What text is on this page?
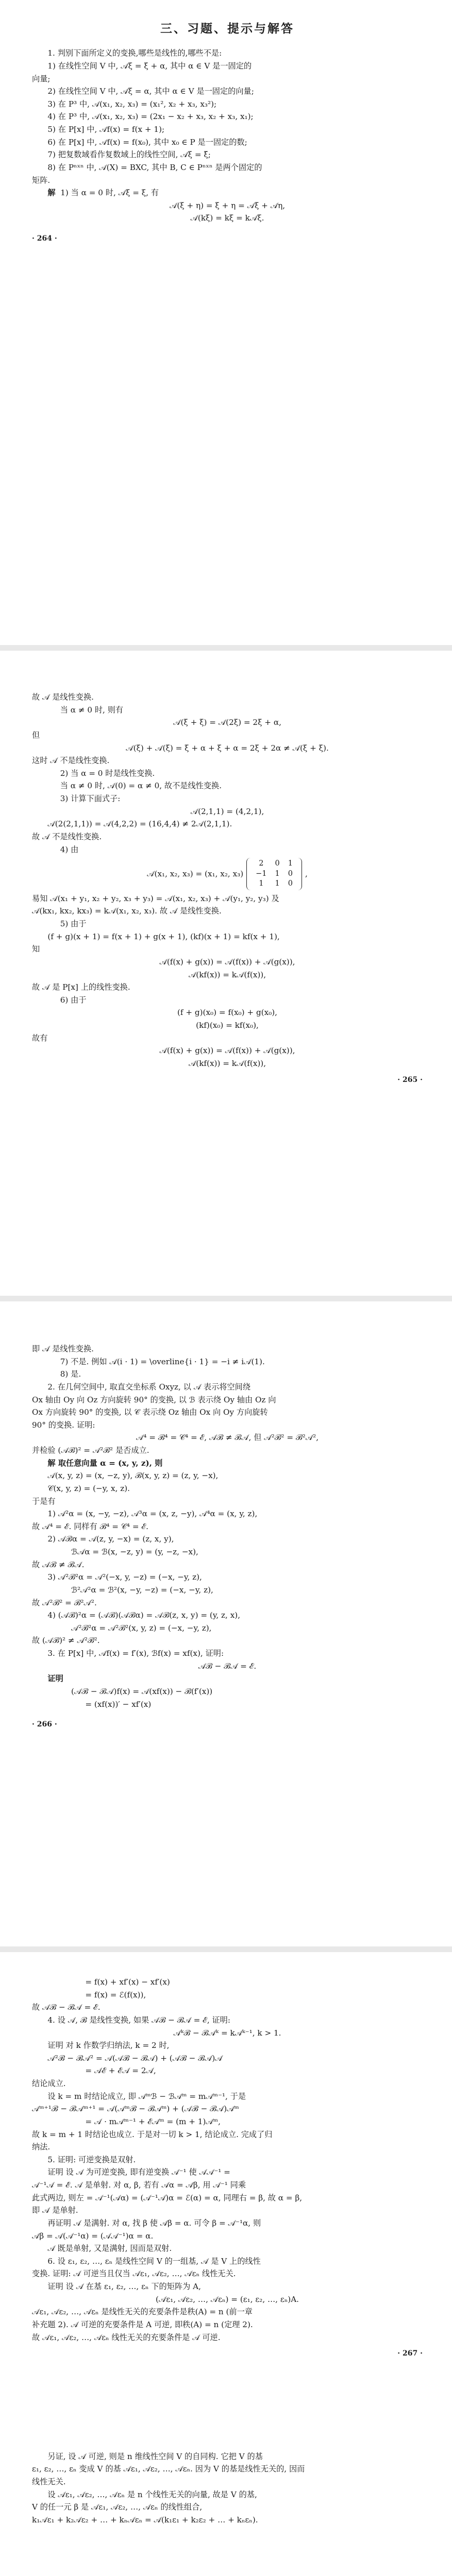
三、习题、提示与解答

1. 判别下面所定义的变换,哪些是线性的,哪些不是:

1) 在线性空间 V 中, 𝒜ξ = ξ + α, 其中 α ∈ V 是一固定的

向量;

2) 在线性空间 V 中, 𝒜ξ = α, 其中 α ∈ V 是一固定的向量;

3) 在 P³ 中, 𝒜(x₁, x₂, x₃) = (x₁², x₂ + x₃, x₃²);

4) 在 P³ 中, 𝒜(x₁, x₂, x₃) = (2x₁ − x₂ + x₃, x₂ + x₃, x₁);

5) 在 P[x] 中, 𝒜f(x) = f(x + 1);

6) 在 P[x] 中, 𝒜f(x) = f(x₀), 其中 x₀ ∈ P 是一固定的数;

7) 把复数域看作复数域上的线性空间, 𝒜ξ = ξ̄;

8) 在 Pⁿˣⁿ 中, 𝒜(X) = BXC, 其中 B, C ∈ Pⁿˣⁿ 是两个固定的

矩阵.

解 1) 当 α = 0 时, 𝒜ξ = ξ, 有

𝒜(ξ + η) = ξ + η = 𝒜ξ + 𝒜η,

𝒜(kξ) = kξ = k𝒜ξ.

· 264 ·

故 𝒜 是线性变换.

当 α ≠ 0 时, 则有

𝒜(ξ + ξ) = 𝒜(2ξ) = 2ξ + α,

但

𝒜(ξ) + 𝒜(ξ) = ξ + α + ξ + α = 2ξ + 2α ≠ 𝒜(ξ + ξ).

这时 𝒜 不是线性变换.

2) 当 α = 0 时是线性变换.

当 α ≠ 0 时, 𝒜(0) = α ≠ 0, 故不是线性变换.

3) 计算下面式子:

𝒜(2,1,1) = (4,2,1),

𝒜(2(2,1,1)) = 𝒜(4,2,2) = (16,4,4) ≠ 2𝒜(2,1,1).

故 𝒜 不是线性变换.

4) 由

𝒜(x₁, x₂, x₃) = (x₁, x₂, x₃)
2	0	1
−1	1	0
1	1	0
,

易知 𝒜(x₁ + y₁, x₂ + y₂, x₃ + y₃) = 𝒜(x₁, x₂, x₃) + 𝒜(y₁, y₂, y₃) 及

𝒜(kx₁, kx₂, kx₃) = k𝒜(x₁, x₂, x₃). 故 𝒜 是线性变换.

5) 由于

(f + g)(x + 1) = f(x + 1) + g(x + 1), (kf)(x + 1) = kf(x + 1),

知

𝒜(f(x) + g(x)) = 𝒜(f(x)) + 𝒜(g(x)),

𝒜(kf(x)) = k𝒜(f(x)),

故 𝒜 是 P[x] 上的线性变换.

6) 由于

(f + g)(x₀) = f(x₀) + g(x₀),

(kf)(x₀) = kf(x₀),

故有

𝒜(f(x) + g(x)) = 𝒜(f(x)) + 𝒜(g(x)),

𝒜(kf(x)) = k𝒜(f(x)),

· 265 ·

即 𝒜 是线性变换.

7) 不是. 例如 𝒜(i · 1) = \overline{i · 1} = −i ≠ i𝒜(1).

8) 是.

2. 在几何空间中, 取直交坐标系 Oxyz, 以 𝒜 表示将空间绕

Ox 轴由 Oy 向 Oz 方向旋转 90° 的变换, 以 ℬ 表示绕 Oy 轴由 Oz 向

Ox 方向旋转 90° 的变换, 以 𝒞 表示绕 Oz 轴由 Ox 向 Oy 方向旋转

90° 的变换. 证明:

𝒜⁴ = ℬ⁴ = 𝒞⁴ = ℰ, 𝒜ℬ ≠ ℬ𝒜, 但 𝒜²ℬ² = ℬ²𝒜²,

并检验 (𝒜ℬ)² = 𝒜²ℬ² 是否成立.

解 取任意向量 α = (x, y, z), 则

𝒜(x, y, z) = (x, −z, y), ℬ(x, y, z) = (z, y, −x),

𝒞(x, y, z) = (−y, x, z).

于是有

1) 𝒜²α = (x, −y, −z), 𝒜³α = (x, z, −y), 𝒜⁴α = (x, y, z),

故 𝒜⁴ = ℰ. 同样有 ℬ⁴ = 𝒞⁴ = ℰ.

2) 𝒜ℬα = 𝒜(z, y, −x) = (z, x, y),

ℬ𝒜α = ℬ(x, −z, y) = (y, −z, −x),

故 𝒜ℬ ≠ ℬ𝒜.

3) 𝒜²ℬ²α = 𝒜²(−x, y, −z) = (−x, −y, z),

ℬ²𝒜²α = ℬ²(x, −y, −z) = (−x, −y, z),

故 𝒜²ℬ² = ℬ²𝒜².

4) (𝒜ℬ)²α = (𝒜ℬ)(𝒜ℬα) = 𝒜ℬ(z, x, y) = (y, z, x),

𝒜²ℬ²α = 𝒜²ℬ²(x, y, z) = (−x, −y, z),

故 (𝒜ℬ)² ≠ 𝒜²ℬ².

3. 在 P[x] 中, 𝒜f(x) = f′(x), ℬf(x) = xf(x), 证明:

𝒜ℬ − ℬ𝒜 = ℰ.

证明

(𝒜ℬ − ℬ𝒜)f(x) = 𝒜(xf(x)) − ℬ(f′(x))

= (xf(x))′ − xf′(x)

· 266 ·

= f(x) + xf′(x) − xf′(x)

= f(x) = ℰ(f(x)),

故 𝒜ℬ − ℬ𝒜 = ℰ.

4. 设 𝒜, ℬ 是线性变换, 如果 𝒜ℬ − ℬ𝒜 = ℰ, 证明:

𝒜ᵏℬ − ℬ𝒜ᵏ = k𝒜ᵏ⁻¹, k > 1.

证明 对 k 作数学归纳法, k = 2 时,

𝒜²ℬ − ℬ𝒜² = 𝒜(𝒜ℬ − ℬ𝒜) + (𝒜ℬ − ℬ𝒜)𝒜

= 𝒜ℰ + ℰ𝒜 = 2𝒜,

结论成立.

设 k = m 时结论成立, 即 𝒜ᵐℬ − ℬ𝒜ᵐ = m𝒜ᵐ⁻¹, 于是

𝒜ᵐ⁺¹ℬ − ℬ𝒜ᵐ⁺¹ = 𝒜(𝒜ᵐℬ − ℬ𝒜ᵐ) + (𝒜ℬ − ℬ𝒜)𝒜ᵐ

= 𝒜 · m𝒜ᵐ⁻¹ + ℰ𝒜ᵐ = (m + 1)𝒜ᵐ,

故 k = m + 1 时结论也成立. 于是对一切 k > 1, 结论成立. 完成了归

纳法.

5. 证明: 可逆变换是双射.

证明 设 𝒜 为可逆变换, 即有逆变换 𝒜⁻¹ 使 𝒜𝒜⁻¹ =

𝒜⁻¹𝒜 = ℰ. 𝒜 是单射. 对 α, β, 若有 𝒜α = 𝒜β, 用 𝒜⁻¹ 同乘

此式两边, 则左 = 𝒜⁻¹(𝒜α) = (𝒜⁻¹𝒜)α = ℰ(α) = α, 同理右 = β, 故 α = β,

即 𝒜 是单射.

再证明 𝒜 是满射. 对 α, 找 β 使 𝒜β = α. 可令 β = 𝒜⁻¹α, 则

𝒜β = 𝒜(𝒜⁻¹α) = (𝒜𝒜⁻¹)α = α.

𝒜 既是单射, 又是满射, 因而是双射.

6. 设 ε₁, ε₂, …, εₙ 是线性空间 V 的一组基, 𝒜 是 V 上的线性

变换. 证明: 𝒜 可逆当且仅当 𝒜ε₁, 𝒜ε₂, …, 𝒜εₙ 线性无关.

证明 设 𝒜 在基 ε₁, ε₂, …, εₙ 下的矩阵为 A,

(𝒜ε₁, 𝒜ε₂, …, 𝒜εₙ) = (ε₁, ε₂, …, εₙ)A.

𝒜ε₁, 𝒜ε₂, …, 𝒜εₙ 是线性无关的充要条件是秩(A) = n (前一章

补充题 2). 𝒜 可逆的充要条件是 A 可逆, 即秩(A) = n (定理 2).

故 𝒜ε₁, 𝒜ε₂, …, 𝒜εₙ 线性无关的充要条件是 𝒜 可逆.

· 267 ·

另证, 设 𝒜 可逆, 则是 n 维线性空间 V 的自同构. 它把 V 的基

ε₁, ε₂, …, εₙ 变成 V 的基 𝒜ε₁, 𝒜ε₂, …, 𝒜εₙ. 因为 V 的基是线性无关的, 因而

线性无关.

设 𝒜ε₁, 𝒜ε₂, …, 𝒜εₙ 是 n 个线性无关的向量, 故是 V 的基,

V 的任一元 β 是 𝒜ε₁, 𝒜ε₂, …, 𝒜εₙ 的线性组合,

k₁𝒜ε₁ + k₂𝒜ε₂ + … + kₙ𝒜εₙ = 𝒜(k₁ε₁ + k₂ε₂ + … + kₙεₙ).
